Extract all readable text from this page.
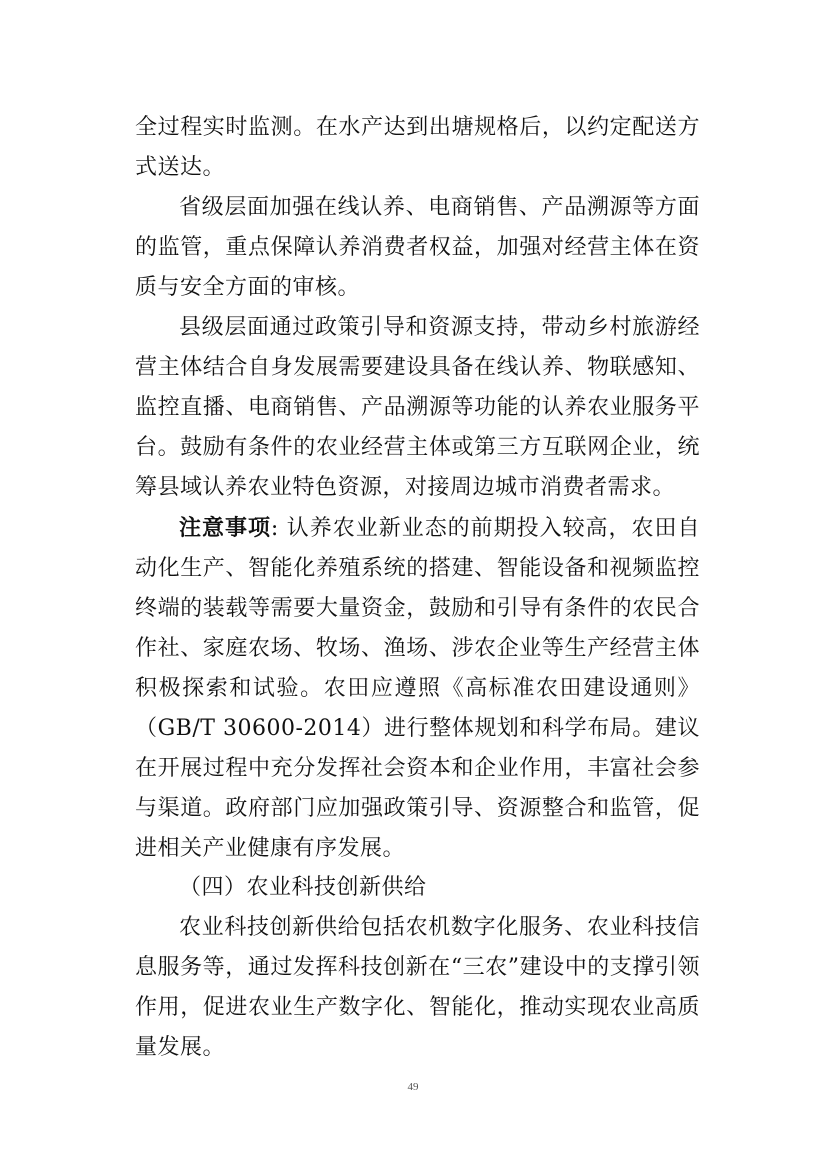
全过程实时监测。在水产达到出塘规格后，以约定配送方式送达。

省级层面加强在线认养、电商销售、产品溯源等方面的监管，重点保障认养消费者权益，加强对经营主体在资质与安全方面的审核。

县级层面通过政策引导和资源支持，带动乡村旅游经营主体结合自身发展需要建设具备在线认养、物联感知、监控直播、电商销售、产品溯源等功能的认养农业服务平台。鼓励有条件的农业经营主体或第三方互联网企业，统筹县域认养农业特色资源，对接周边城市消费者需求。

注意事项: 认养农业新业态的前期投入较高，农田自动化生产、智能化养殖系统的搭建、智能设备和视频监控终端的装载等需要大量资金，鼓励和引导有条件的农民合作社、家庭农场、牧场、渔场、涉农企业等生产经营主体积极探索和试验。农田应遵照《高标准农田建设通则》（GB/T 30600-2014）进行整体规划和科学布局。建议在开展过程中充分发挥社会资本和企业作用，丰富社会参与渠道。政府部门应加强政策引导、资源整合和监管，促进相关产业健康有序发展。

（四）农业科技创新供给

农业科技创新供给包括农机数字化服务、农业科技信息服务等，通过发挥科技创新在“三农”建设中的支撑引领作用，促进农业生产数字化、智能化，推动实现农业高质量发展。

49
